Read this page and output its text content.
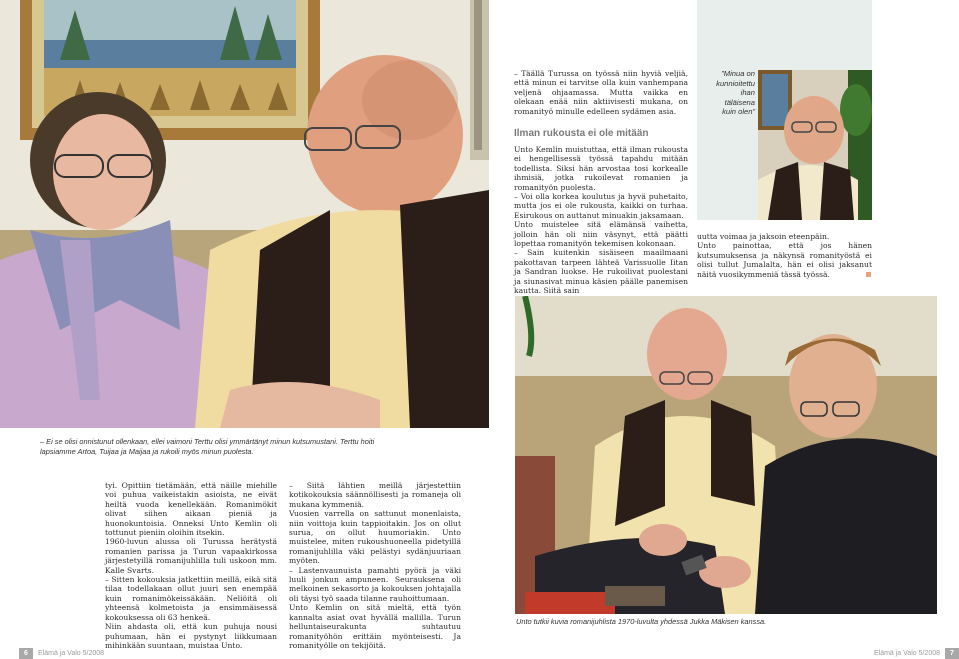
– Täällä Turussa on työssä niin hyviä veljiä, että minun ei tarvitse olla kuin vanhempana veljenä ohjaamassa. Mutta vaikka en olekaan enää niin aktiivisesti mukana, on romanityö minulle edelleen sydämen asia.

Ilman rukousta ei ole mitään

Unto Kemlin muistuttaa, että ilman rukousta ei hengellisessä työssä tapahdu mitään todellista. Siksi hän arvostaa tosi korkealle ihmisiä, jotka rukoilevat romanien ja romanityön puolesta.

– Voi olla korkea koulutus ja hyvä puhetaito, mutta jos ei ole rukousta, kaikki on turhaa. Esirukous on auttanut minuakin jaksamaan.

Unto muistelee sitä elämänsä vaihetta, jolloin hän oli niin väsynyt, että päätti lopettaa romanityön tekemisen kokonaan.

– Sain kuitenkin sisäiseen maailmaani pakottavan tarpeen lähteä Varissuolle Iitan ja Sandran luokse. He rukoilivat puolestani ja siunasivat minua käsien päälle panemisen kautta. Siitä sain

”Minua on kunnioitettu ihan täläisena kuin olen”

uutta voimaa ja jaksoin eteenpäin.

Unto painottaa, että jos hänen kutsumuksensa ja näkynsä romanityöstä ei olisi tullut Jumalalta, hän ei olisi jaksanut näitä vuosikymmeniä tässä työssä.

– Ei se olisi onnistunut ollenkaan, ellei vaimoni Terttu olisi ymmärtänyt minun kutsumustani. Terttu hoiti lapsiamme Artoa, Tuijaa ja Maijaa ja rukoili myös minun puolesta.

tyi. Opittiin tietämään, että näille miehille voi puhua vaikeistakin asioista, ne eivät heiltä vuoda kenellekään. Romanimökit olivat siihen aikaan pieniä ja huonokuntoisia. Onneksi Unto Kemlin oli tottunut pieniin oloihin itsekin.

1960-luvun alussa oli Turussa herätystä romanien parissa ja Turun vapaakirkossa järjestetyillä romanijuhlilla tuli uskoon mm. Kalle Svarts.

– Sitten kokouksia jatkettiin meillä, eikä sitä tilaa todellakaan ollut juuri sen enempää kuin romanimökeissäkään. Neliöitä oli yhteensä kolmetoista ja ensimmäisessä kokouksessa oli 63 henkeä.

Niin ahdasta oli, että kun puhuja nousi puhumaan, hän ei pystynyt liikkumaan mihinkään suuntaan, muistaa Unto.

– Siitä lähtien meillä järjestettiin kotikokouksia säännöllisesti ja romaneja oli mukana kymmeniä.

Vuosien varrella on sattunut monenlaista, niin voittoja kuin tappioitakin. Jos on ollut surua, on ollut huumoriakin. Unto muistelee, miten rukoushuoneella pidetyillä romanijuhlilla väki pelästyi sydänjuuriaan myöten.

– Lastenvaunuista pamahti pyörä ja väki luuli jonkun ampuneen. Seurauksena oli melkoinen sekasorto ja kokouksen johtajalla oli täysi työ saada tilanne rauhoittumaan.

Unto Kemlin on sitä mieltä, että työn kannalta asiat ovat hyvällä mallilla. Turun helluntaiseurakunta suhtautuu romanityöhön erittäin myönteisesti. Ja romanityölle on tekijöitä.

Unto tutkii kuvia romanijuhlista 1970-luvulta yhdessä Jukka Mäkisen kanssa.
6	Elämä ja Valo 5/2008	Elämä ja Valo 5/2008	7
